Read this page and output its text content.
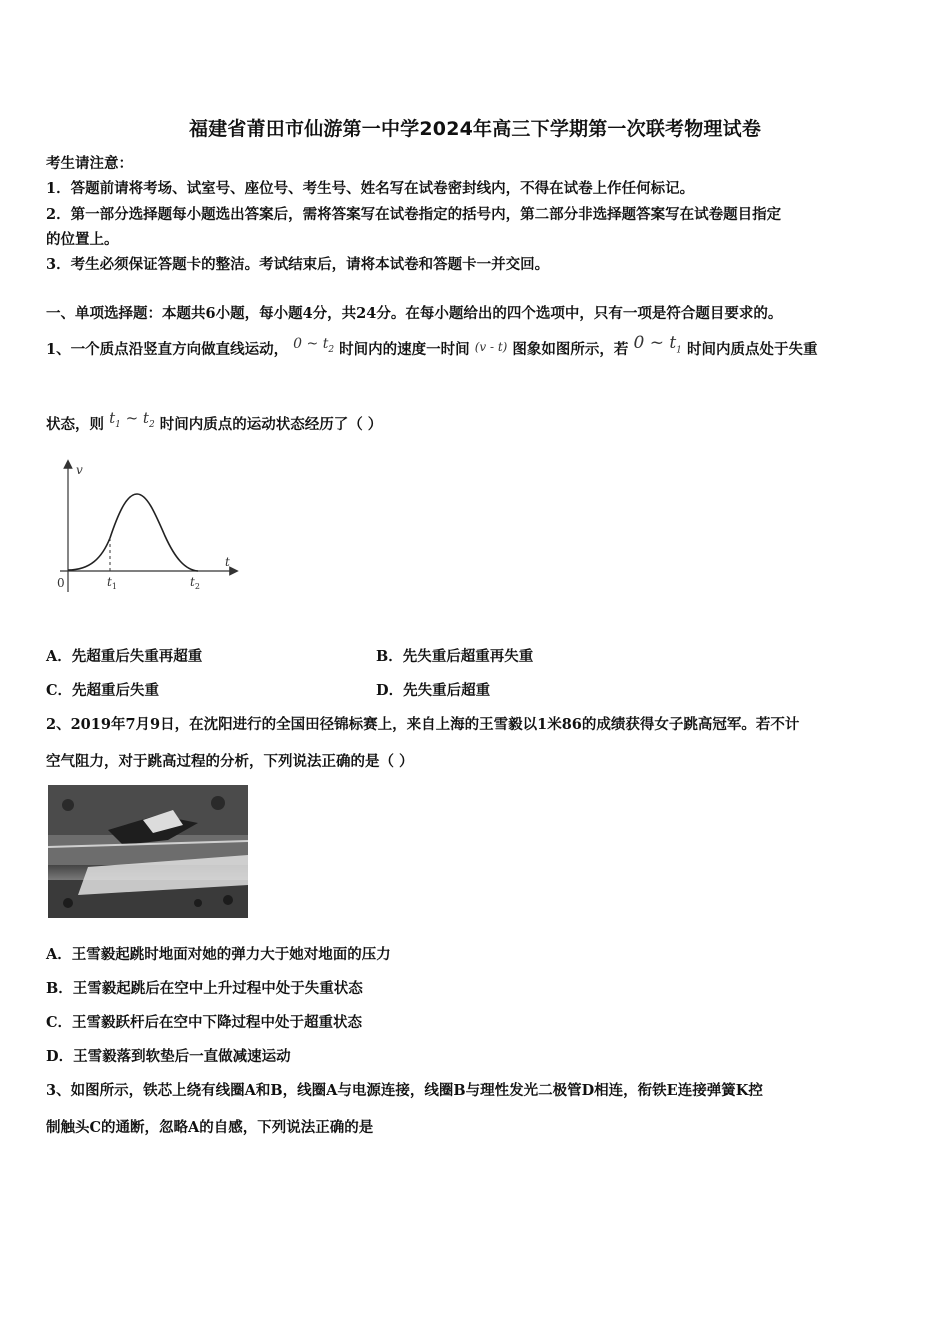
福建省莆田市仙游第一中学2024年高三下学期第一次联考物理试卷
考生请注意：
1．答题前请将考场、试室号、座位号、考生号、姓名写在试卷密封线内，不得在试卷上作任何标记。
2．第一部分选择题每小题选出答案后，需将答案写在试卷指定的括号内，第二部分非选择题答案写在试卷题目指定
的位置上。
3．考生必须保证答题卡的整洁。考试结束后，请将本试卷和答题卡一并交回。
一、单项选择题：本题共6小题，每小题4分，共24分。在每小题给出的四个选项中，只有一项是符合题目要求的。
1、一个质点沿竖直方向做直线运动， 0 ~ $t_2$ 时间内的速度一时间 $^{(v - t)}$ 图象如图所示，若 0 ~ $t_1$ 时间内质点处于失重
状态，则 $t_1$ ~ $t_2$ 时间内质点的运动状态经历了（ ）
v
t
0	$t_1$	$t_2$
A．先超重后失重再超重	B．先失重后超重再失重
C．先超重后失重	D．先失重后超重
2、2019年7月9日，在沈阳进行的全国田径锦标赛上，来自上海的王雪毅以1米86的成绩获得女子跳高冠军。若不计
空气阻力，对于跳高过程的分析，下列说法正确的是（ ）
A．王雪毅起跳时地面对她的弹力大于她对地面的压力
B．王雪毅起跳后在空中上升过程中处于失重状态
C．王雪毅跃杆后在空中下降过程中处于超重状态
D．王雪毅落到软垫后一直做减速运动
3、如图所示，铁芯上绕有线圈A和B，线圈A与电源连接，线圈B与理性发光二极管D相连，衔铁E连接弹簧K控
制触头C的通断，忽略A的自感，下列说法正确的是
